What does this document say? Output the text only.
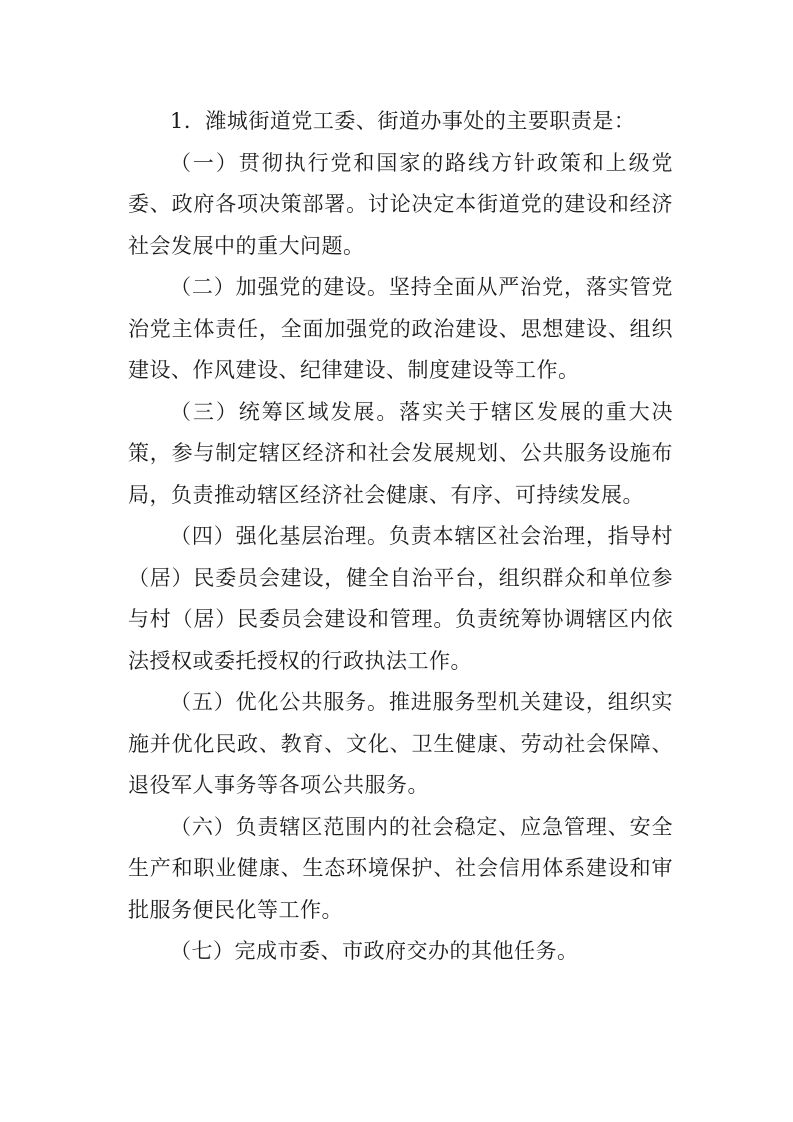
1．潍城街道党工委、街道办事处的主要职责是：

（一）贯彻执行党和国家的路线方针政策和上级党委、政府各项决策部署。讨论决定本街道党的建设和经济社会发展中的重大问题。

（二）加强党的建设。坚持全面从严治党，落实管党治党主体责任，全面加强党的政治建设、思想建设、组织建设、作风建设、纪律建设、制度建设等工作。

（三）统筹区域发展。落实关于辖区发展的重大决策，参与制定辖区经济和社会发展规划、公共服务设施布局，负责推动辖区经济社会健康、有序、可持续发展。

（四）强化基层治理。负责本辖区社会治理，指导村（居）民委员会建设，健全自治平台，组织群众和单位参与村（居）民委员会建设和管理。负责统筹协调辖区内依法授权或委托授权的行政执法工作。

（五）优化公共服务。推进服务型机关建设，组织实施并优化民政、教育、文化、卫生健康、劳动社会保障、退役军人事务等各项公共服务。

（六）负责辖区范围内的社会稳定、应急管理、安全生产和职业健康、生态环境保护、社会信用体系建设和审批服务便民化等工作。

（七）完成市委、市政府交办的其他任务。
